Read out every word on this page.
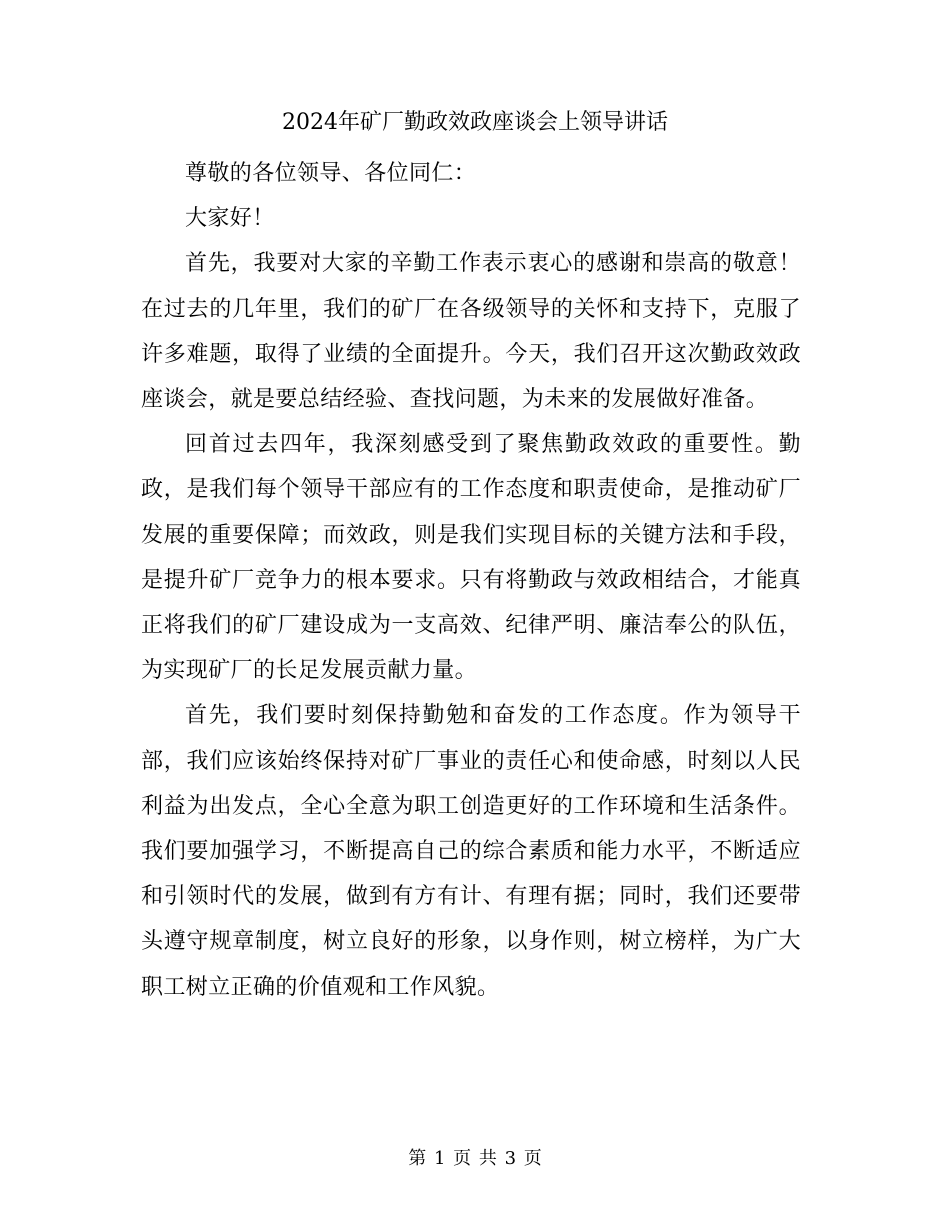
2024年矿厂勤政效政座谈会上领导讲话

尊敬的各位领导、各位同仁：

大家好！

首先，我要对大家的辛勤工作表示衷心的感谢和崇高的敬意！在过去的几年里，我们的矿厂在各级领导的关怀和支持下，克服了许多难题，取得了业绩的全面提升。今天，我们召开这次勤政效政座谈会，就是要总结经验、查找问题，为未来的发展做好准备。

回首过去四年，我深刻感受到了聚焦勤政效政的重要性。勤政，是我们每个领导干部应有的工作态度和职责使命，是推动矿厂发展的重要保障；而效政，则是我们实现目标的关键方法和手段，是提升矿厂竞争力的根本要求。只有将勤政与效政相结合，才能真正将我们的矿厂建设成为一支高效、纪律严明、廉洁奉公的队伍，为实现矿厂的长足发展贡献力量。

首先，我们要时刻保持勤勉和奋发的工作态度。作为领导干部，我们应该始终保持对矿厂事业的责任心和使命感，时刻以人民利益为出发点，全心全意为职工创造更好的工作环境和生活条件。我们要加强学习，不断提高自己的综合素质和能力水平，不断适应和引领时代的发展，做到有方有计、有理有据；同时，我们还要带头遵守规章制度，树立良好的形象，以身作则，树立榜样，为广大职工树立正确的价值观和工作风貌。

第 1 页 共 3 页
